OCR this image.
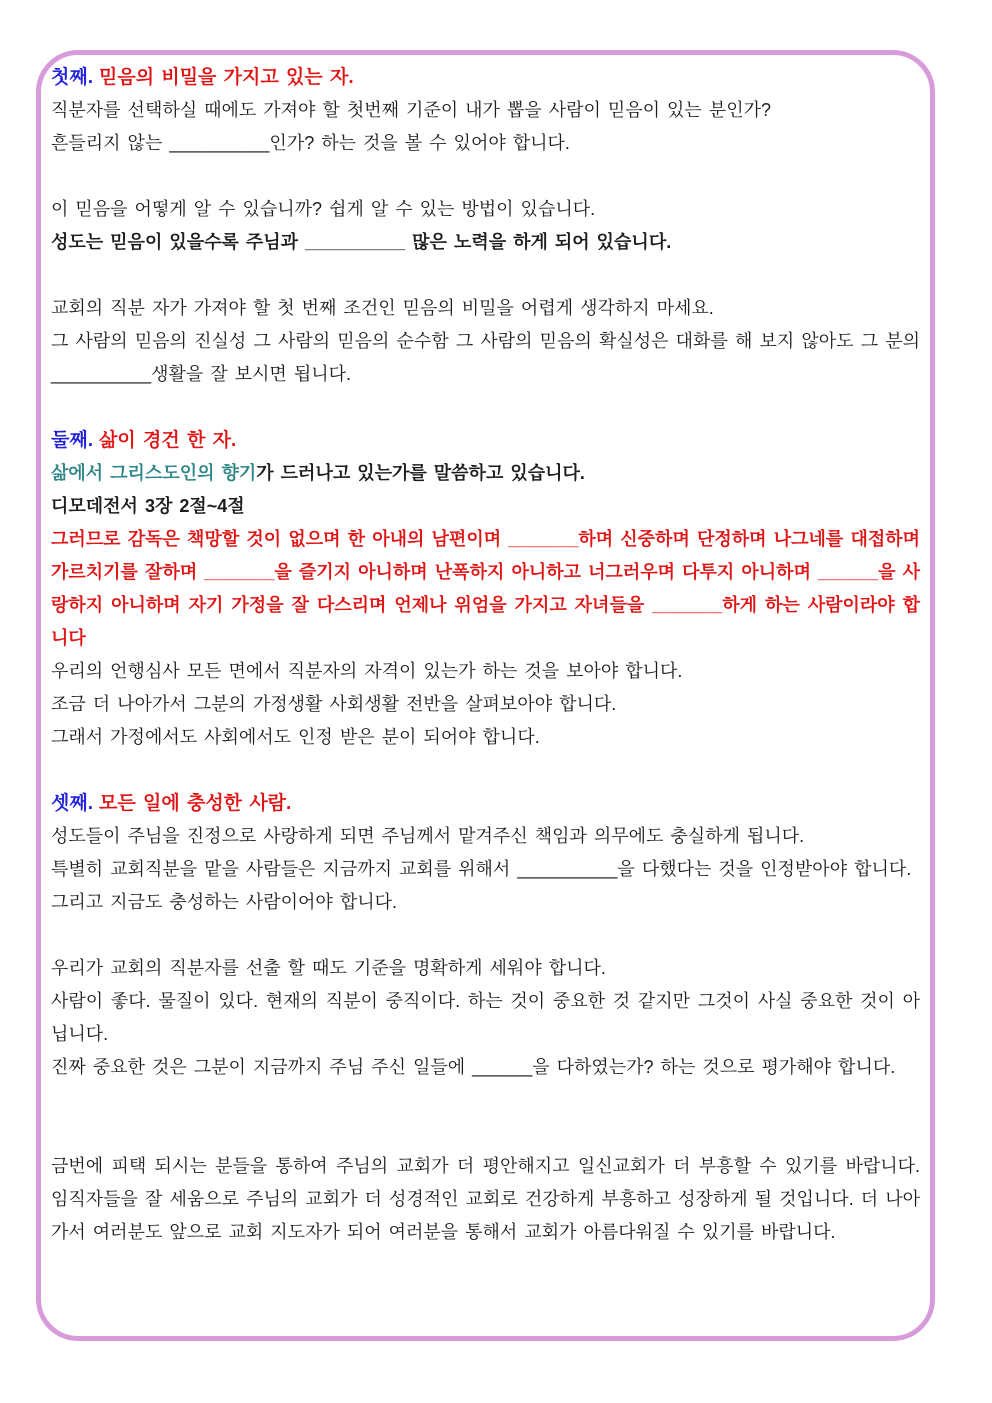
첫째. 믿음의 비밀을 가지고 있는 자.

직분자를 선택하실 때에도 가져야 할 첫번째 기준이 내가 뽑을 사람이 믿음이 있는 분인가?

흔들리지 않는 __________인가? 하는 것을 볼 수 있어야 합니다.

이 믿음을 어떻게 알 수 있습니까? 쉽게 알 수 있는 방법이 있습니다.

성도는 믿음이 있을수록 주님과 __________ 많은 노력을 하게 되어 있습니다.

교회의 직분 자가 가져야 할 첫 번째 조건인 믿음의 비밀을 어렵게 생각하지 마세요.

그 사람의 믿음의 진실성 그 사람의 믿음의 순수함 그 사람의 믿음의 확실성은 대화를 해 보지 않아도 그 분의 __________생활을 잘 보시면 됩니다.

둘째. 삶이 경건 한 자.

삶에서 그리스도인의 향기가 드러나고 있는가를 말씀하고 있습니다.

디모데전서 3장 2절~4절

그러므로 감독은 책망할 것이 없으며 한 아내의 남편이며 _______하며 신중하며 단정하며 나그네를 대접하며 가르치기를 잘하며 _______을 즐기지 아니하며 난폭하지 아니하고 너그러우며 다투지 아니하며 ______을 사랑하지 아니하며 자기 가정을 잘 다스리며 언제나 위엄을 가지고 자녀들을 _______하게 하는 사람이라야 합니다

우리의 언행심사 모든 면에서 직분자의 자격이 있는가 하는 것을 보아야 합니다.

조금 더 나아가서 그분의 가정생활 사회생활 전반을 살펴보아야 합니다.

그래서 가정에서도 사회에서도 인정 받은 분이 되어야 합니다.

셋째. 모든 일에 충성한 사람.

성도들이 주님을 진정으로 사랑하게 되면 주님께서 맡겨주신 책임과 의무에도 충실하게 됩니다.

특별히 교회직분을 맡을 사람들은 지금까지 교회를 위해서 __________을 다했다는 것을 인정받아야 합니다.

그리고 지금도 충성하는 사람이어야 합니다.

우리가 교회의 직분자를 선출 할 때도 기준을 명확하게 세워야 합니다.

사람이 좋다. 물질이 있다. 현재의 직분이 중직이다. 하는 것이 중요한 것 같지만 그것이 사실 중요한 것이 아닙니다.

진짜 중요한 것은 그분이 지금까지 주님 주신 일들에 ______을 다하였는가? 하는 것으로 평가해야 합니다.

금번에 피택 되시는 분들을 통하여 주님의 교회가 더 평안해지고 일신교회가 더 부흥할 수 있기를 바랍니다. 임직자들을 잘 세움으로 주님의 교회가 더 성경적인 교회로 건강하게 부흥하고 성장하게 될 것입니다. 더 나아가서 여러분도 앞으로 교회 지도자가 되어 여러분을 통해서 교회가 아름다워질 수 있기를 바랍니다.
